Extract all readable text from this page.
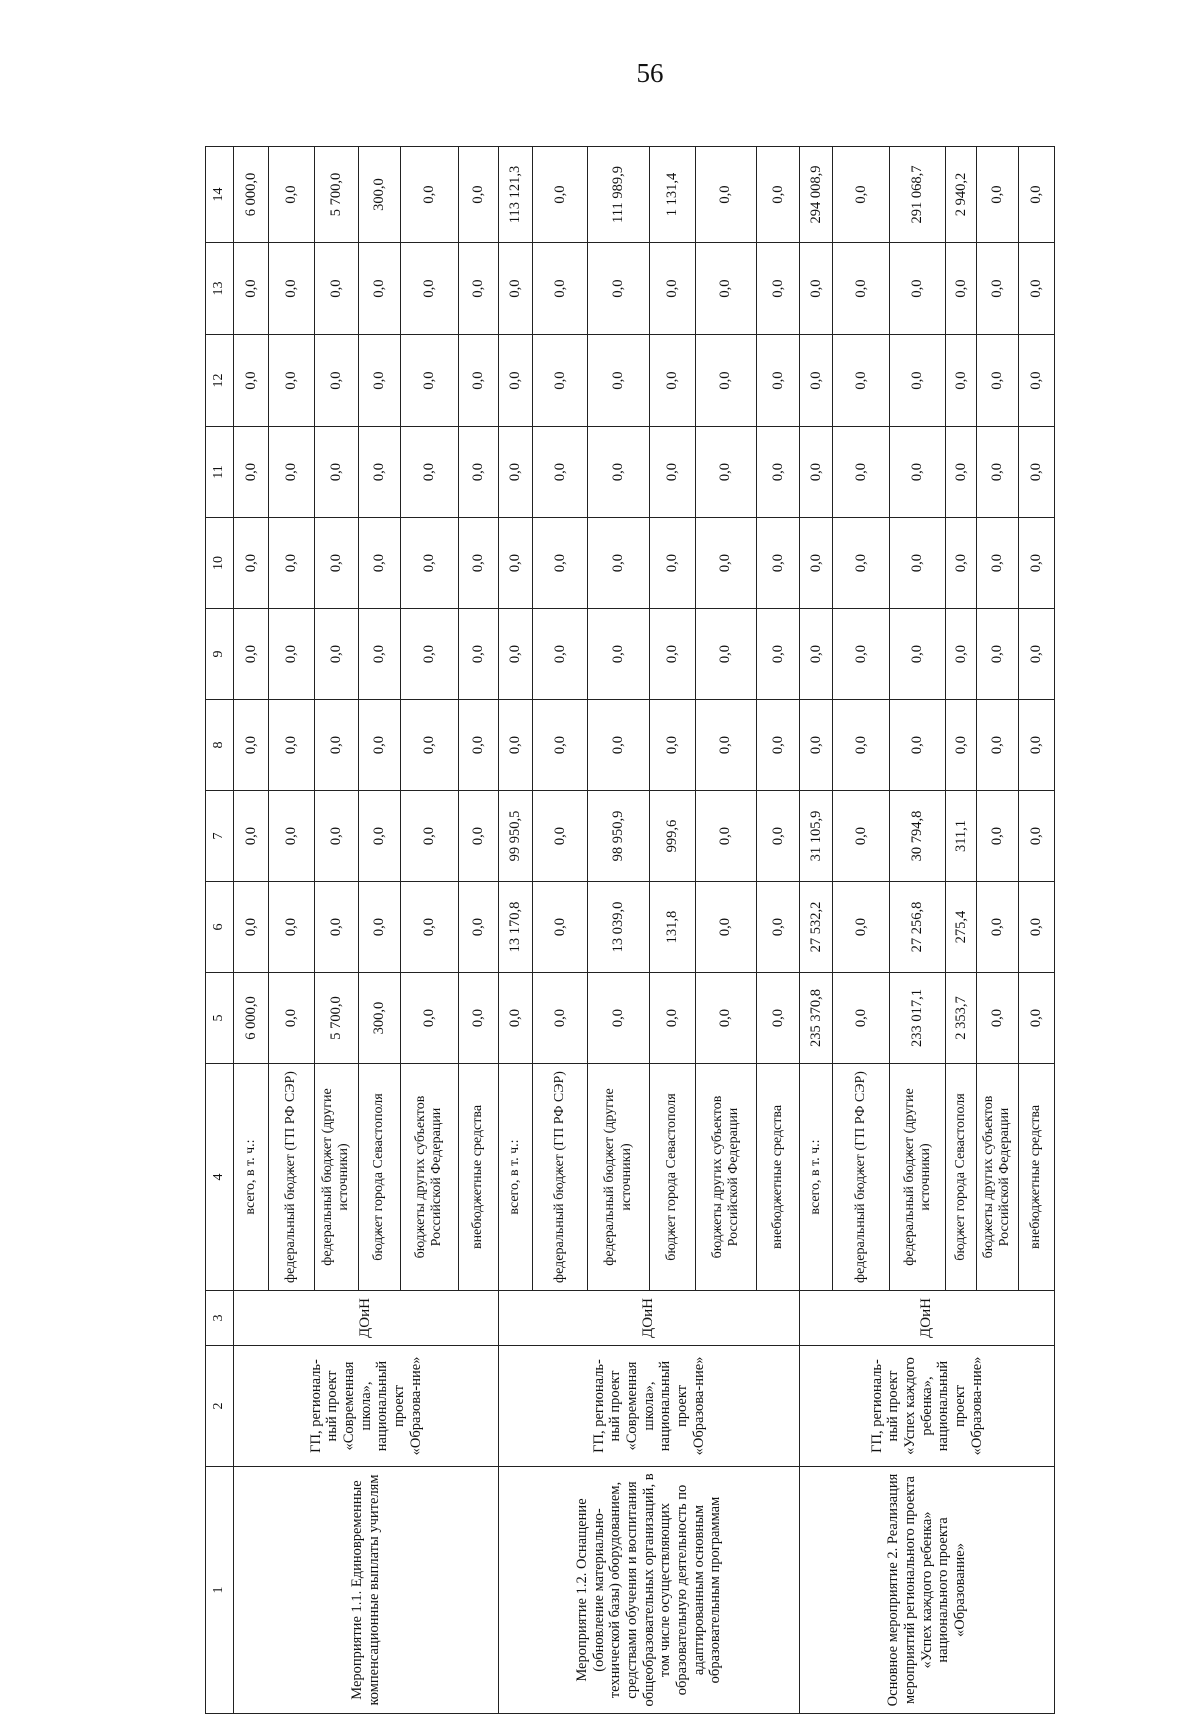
56
1	2	3	4	5	6	7	8	9	10	11	12	13	14
Мероприятие 1.1. Единовременные компенсационные выплаты учителям	ГП, региональ-ный проект «Современная школа», национальный проект «Образова-ние»	ДОиН	всего, в т. ч.:	6 000,0	0,0	0,0	0,0	0,0	0,0	0,0	0,0	0,0	6 000,0
			федеральный бюджет (ГП РФ СЭР)	0,0	0,0	0,0	0,0	0,0	0,0	0,0	0,0	0,0	0,0
			федеральный бюджет (другие источники)	5 700,0	0,0	0,0	0,0	0,0	0,0	0,0	0,0	0,0	5 700,0
			бюджет города Севастополя	300,0	0,0	0,0	0,0	0,0	0,0	0,0	0,0	0,0	300,0
			бюджеты других субъектов Российской Федерации	0,0	0,0	0,0	0,0	0,0	0,0	0,0	0,0	0,0	0,0
			внебюджетные средства	0,0	0,0	0,0	0,0	0,0	0,0	0,0	0,0	0,0	0,0
Мероприятие 1.2. Оснащение (обновление материально-технической базы) оборудованием, средствами обучения и воспитания общеобразовательных организаций, в том числе осуществляющих образовательную деятельность по адаптированным основным образовательным программам	ГП, региональ-ный проект «Современная школа», национальный проект «Образова-ние»	ДОиН	всего, в т. ч.:	0,0	13 170,8	99 950,5	0,0	0,0	0,0	0,0	0,0	0,0	113 121,3
			федеральный бюджет (ГП РФ СЭР)	0,0	0,0	0,0	0,0	0,0	0,0	0,0	0,0	0,0	0,0
			федеральный бюджет (другие источники)	0,0	13 039,0	98 950,9	0,0	0,0	0,0	0,0	0,0	0,0	111 989,9
			бюджет города Севастополя	0,0	131,8	999,6	0,0	0,0	0,0	0,0	0,0	0,0	1 131,4
			бюджеты других субъектов Российской Федерации	0,0	0,0	0,0	0,0	0,0	0,0	0,0	0,0	0,0	0,0
			внебюджетные средства	0,0	0,0	0,0	0,0	0,0	0,0	0,0	0,0	0,0	0,0
Основное мероприятие 2. Реализация мероприятий регионального проекта «Успех каждого ребенка» национального проекта «Образование»	ГП, региональ-ный проект «Успех каждого ребенка», национальный проект «Образова-ние»	ДОиН	всего, в т. ч.:	235 370,8	27 532,2	31 105,9	0,0	0,0	0,0	0,0	0,0	0,0	294 008,9
			федеральный бюджет (ГП РФ СЭР)	0,0	0,0	0,0	0,0	0,0	0,0	0,0	0,0	0,0	0,0
			федеральный бюджет (другие источники)	233 017,1	27 256,8	30 794,8	0,0	0,0	0,0	0,0	0,0	0,0	291 068,7
			бюджет города Севастополя	2 353,7	275,4	311,1	0,0	0,0	0,0	0,0	0,0	0,0	2 940,2
			бюджеты других субъектов Российской Федерации	0,0	0,0	0,0	0,0	0,0	0,0	0,0	0,0	0,0	0,0
			внебюджетные средства	0,0	0,0	0,0	0,0	0,0	0,0	0,0	0,0	0,0	0,0
